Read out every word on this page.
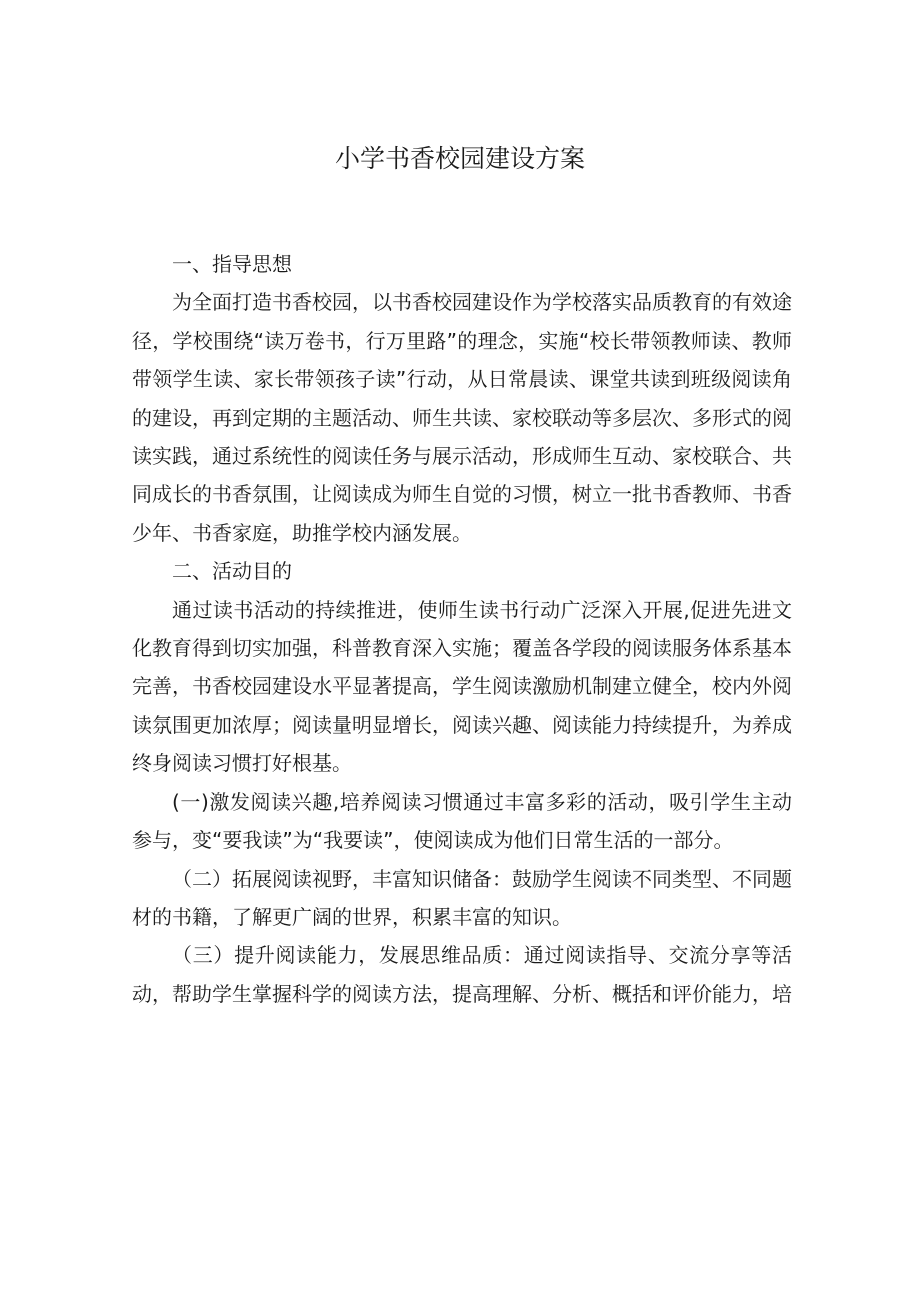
小学书香校园建设方案

一、指导思想

为全面打造书香校园，以书香校园建设作为学校落实品质教育的有效途径，学校围绕“读万卷书，行万里路”的理念，实施“校长带领教师读、教师带领学生读、家长带领孩子读”行动，从日常晨读、课堂共读到班级阅读角的建设，再到定期的主题活动、师生共读、家校联动等多层次、多形式的阅读实践，通过系统性的阅读任务与展示活动，形成师生互动、家校联合、共同成长的书香氛围，让阅读成为师生自觉的习惯，树立一批书香教师、书香少年、书香家庭，助推学校内涵发展。

二、活动目的

通过读书活动的持续推进，使师生读书行动广泛深入开展,促进先进文化教育得到切实加强，科普教育深入实施；覆盖各学段的阅读服务体系基本完善，书香校园建设水平显著提高，学生阅读激励机制建立健全，校内外阅读氛围更加浓厚；阅读量明显增长，阅读兴趣、阅读能力持续提升，为养成终身阅读习惯打好根基。

(一)激发阅读兴趣,培养阅读习惯通过丰富多彩的活动，吸引学生主动参与，变“要我读”为“我要读”，使阅读成为他们日常生活的一部分。

（二）拓展阅读视野，丰富知识储备：鼓励学生阅读不同类型、不同题材的书籍，了解更广阔的世界，积累丰富的知识。

（三）提升阅读能力，发展思维品质：通过阅读指导、交流分享等活动，帮助学生掌握科学的阅读方法，提高理解、分析、概括和评价能力，培
